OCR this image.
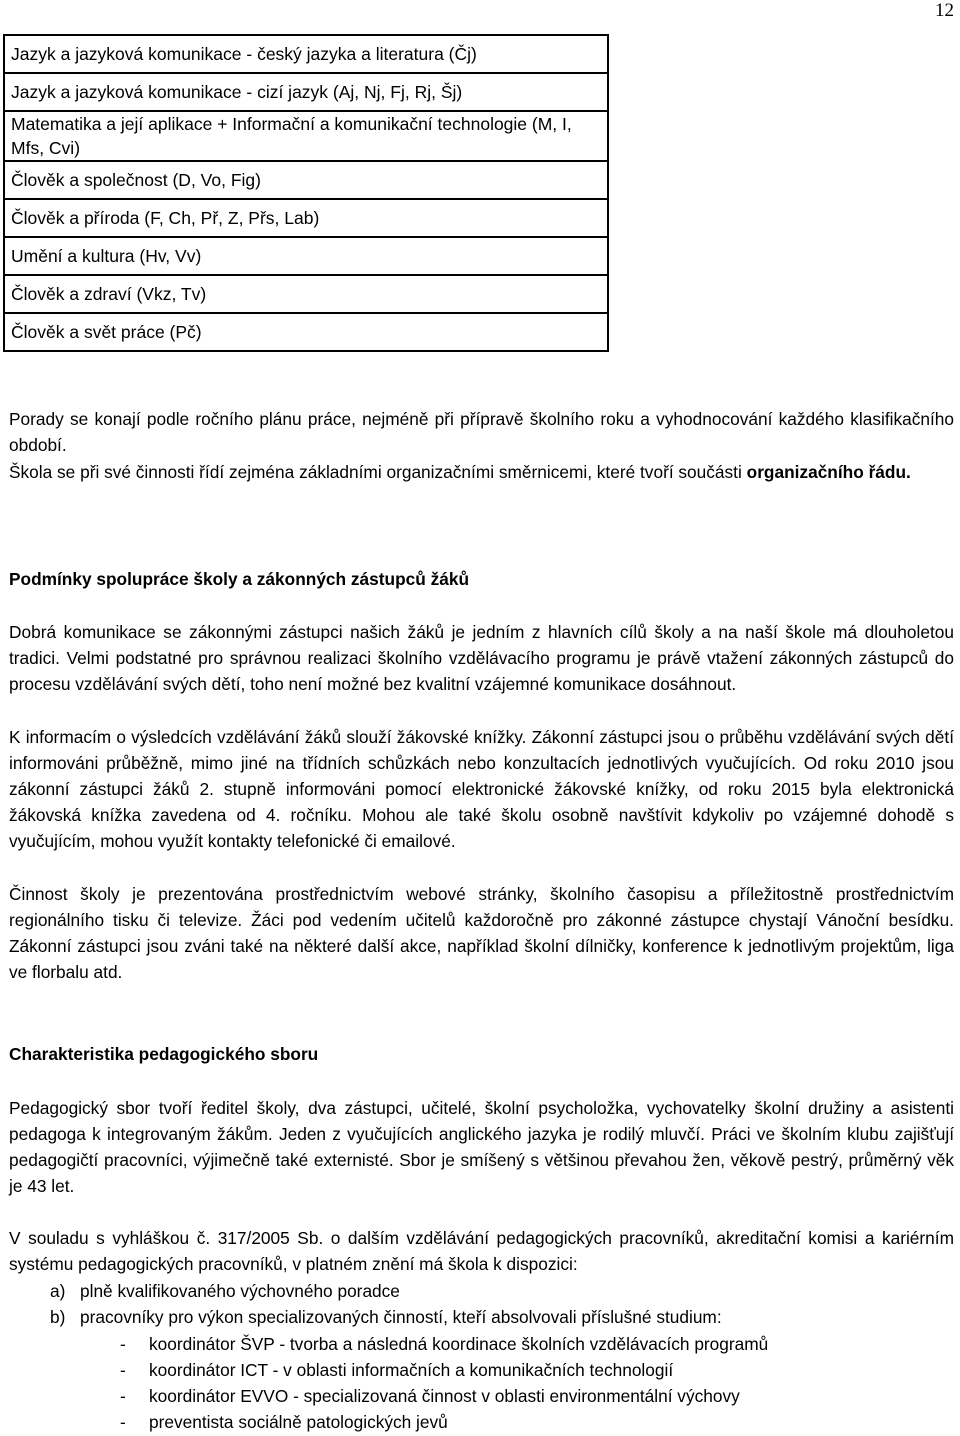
12
Jazyk a jazyková komunikace - český jazyka a literatura (Čj)
Jazyk a jazyková komunikace - cizí jazyk (Aj, Nj, Fj, Rj, Šj)
Matematika a její aplikace + Informační a komunikační technologie (M, I, Mfs, Cvi)
Člověk a společnost (D, Vo, Fig)
Člověk a příroda (F, Ch, Př, Z, Přs, Lab)
Umění a kultura (Hv, Vv)
Člověk a zdraví (Vkz, Tv)
Člověk a svět práce (Pč)

Porady se konají podle ročního plánu práce, nejméně při přípravě školního roku a vyhodnocování každého klasifikačního období.

Škola se při své činnosti řídí zejména základními organizačními směrnicemi, které tvoří součásti organizačního řádu.

Podmínky spolupráce školy a zákonných zástupců žáků

Dobrá komunikace se zákonnými zástupci našich žáků je jedním z hlavních cílů školy a na naší škole má dlouholetou tradici. Velmi podstatné pro správnou realizaci školního vzdělávacího programu je právě vtažení zákonných zástupců do procesu vzdělávání svých dětí, toho není možné bez kvalitní vzájemné komunikace dosáhnout.

K informacím o výsledcích vzdělávání žáků slouží žákovské knížky. Zákonní zástupci jsou o průběhu vzdělávání svých dětí informováni průběžně, mimo jiné na třídních schůzkách nebo konzultacích jednotlivých vyučujících. Od roku 2010 jsou zákonní zástupci žáků 2. stupně informováni pomocí elektronické žákovské knížky, od roku 2015 byla elektronická žákovská knížka zavedena od 4. ročníku. Mohou ale také školu osobně navštívit kdykoliv po vzájemné dohodě s vyučujícím, mohou využít kontakty telefonické či emailové.

Činnost školy je prezentována prostřednictvím webové stránky, školního časopisu a příležitostně prostřednictvím regionálního tisku či televize. Žáci pod vedením učitelů každoročně pro zákonné zástupce chystají Vánoční besídku. Zákonní zástupci jsou zváni také na některé další akce, například školní dílničky, konference k jednotlivým projektům, liga ve florbalu atd.

Charakteristika pedagogického sboru

Pedagogický sbor tvoří ředitel školy, dva zástupci, učitelé, školní psycholožka, vychovatelky školní družiny a asistenti pedagoga k integrovaným žákům. Jeden z vyučujících anglického jazyka je rodilý mluvčí. Práci ve školním klubu zajišťují pedagogičtí pracovníci, výjimečně také externisté. Sbor je smíšený s většinou převahou žen, věkově pestrý, průměrný věk je 43 let.

V souladu s vyhláškou č. 317/2005 Sb. o dalším vzdělávání pedagogických pracovníků, akreditační komisi a kariérním systému pedagogických pracovníků, v platném znění má škola k dispozici:

a) plně kvalifikovaného výchovného poradce
b) pracovníky pro výkon specializovaných činností, kteří absolvovali příslušné studium:
- koordinátor ŠVP - tvorba a následná koordinace školních vzdělávacích programů
- koordinátor ICT - v oblasti informačních a komunikačních technologií
- koordinátor EVVO - specializovaná činnost v oblasti environmentální výchovy
- preventista sociálně patologických jevů
